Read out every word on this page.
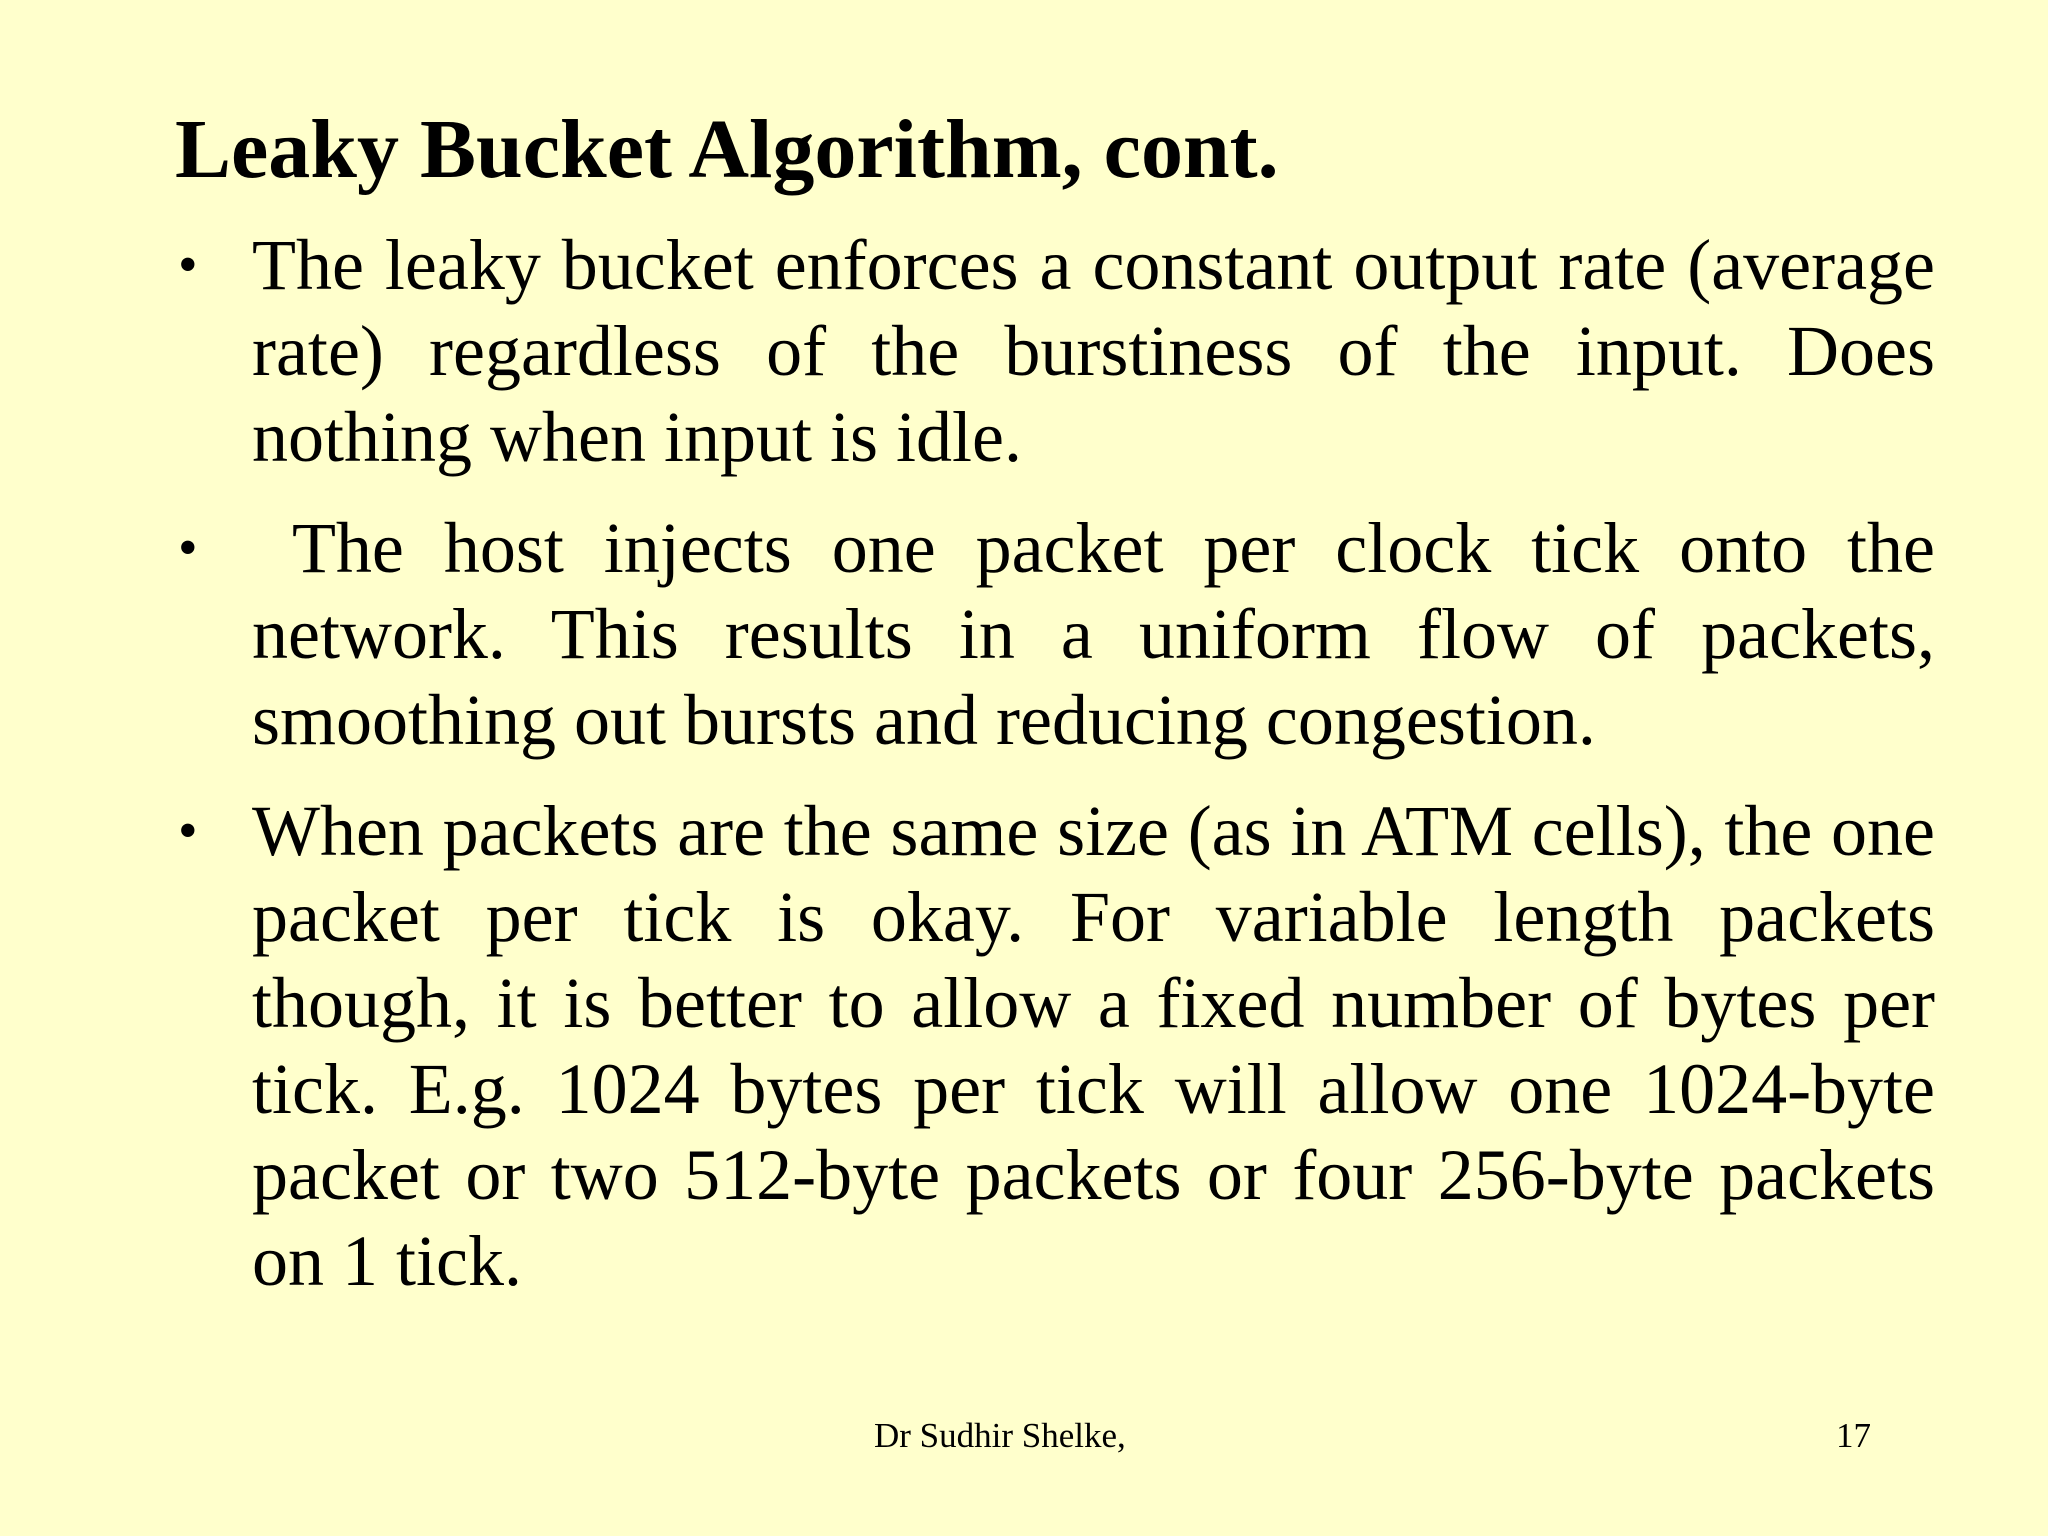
Leaky Bucket Algorithm, cont.
• The leaky bucket enforces a constant output rate (average rate) regardless of the burstiness of the input. Does nothing when input is idle.
• The host injects one packet per clock tick onto the network. This results in a uniform flow of packets, smoothing out bursts and reducing congestion.
• When packets are the same size (as in ATM cells), the one packet per tick is okay. For variable length packets though, it is better to allow a fixed number of bytes per tick. E.g. 1024 bytes per tick will allow one 1024-byte packet or two 512-byte packets or four 256-byte packets on 1 tick.
Dr Sudhir Shelke,	17
